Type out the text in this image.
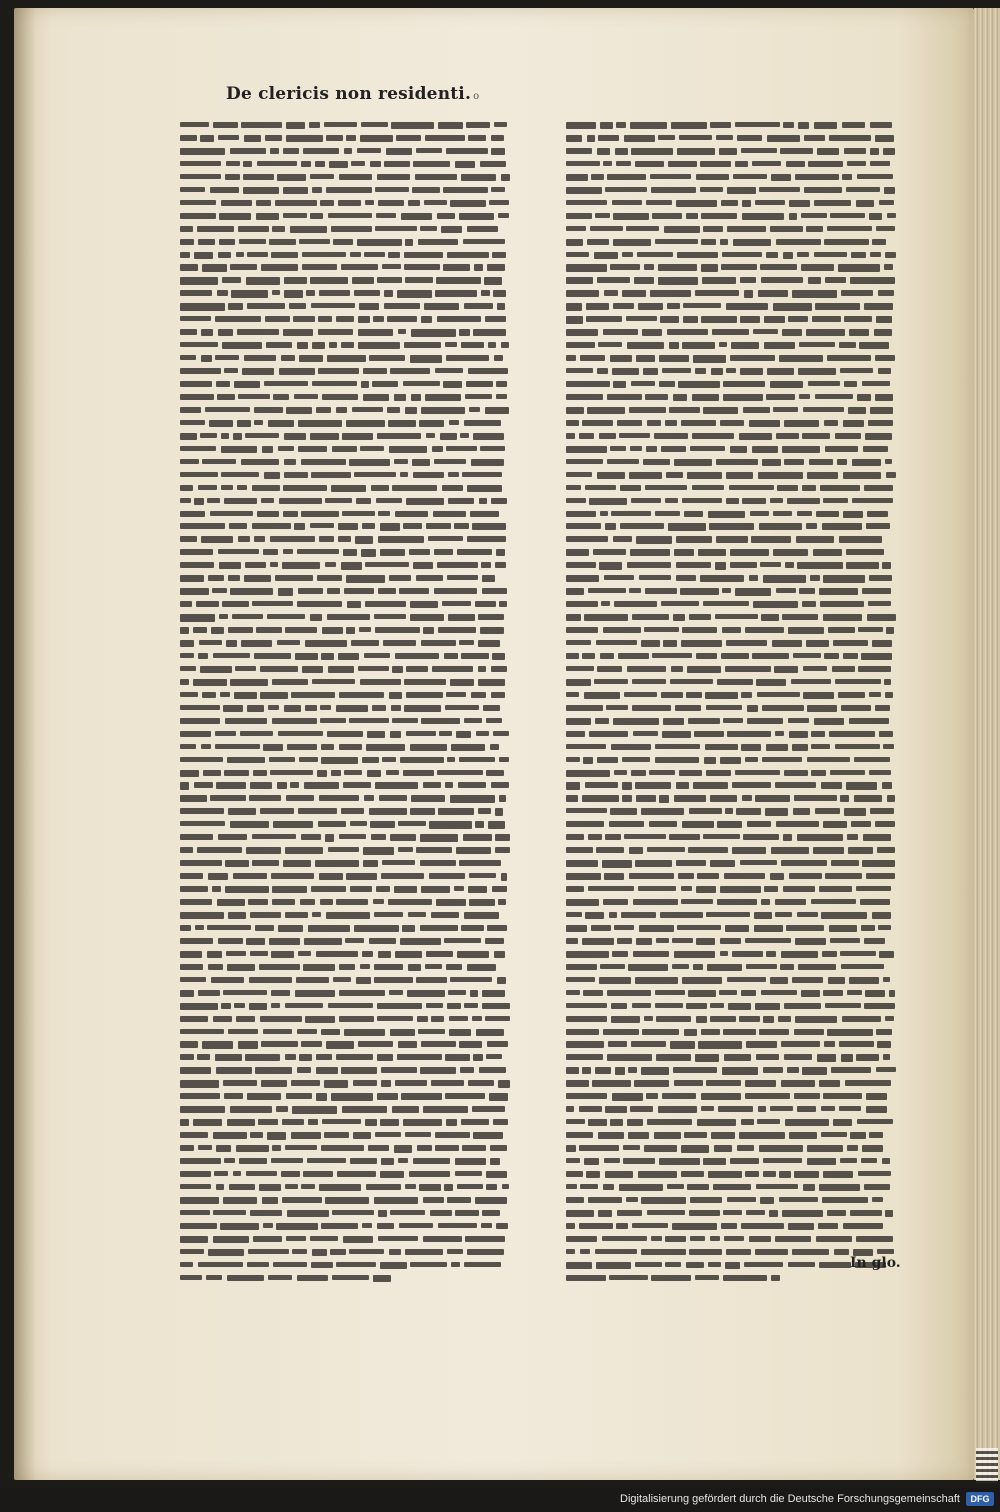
De clericis non residenti. o
In glo.
Digitalisierung gefördert durch die Deutsche Forschungsgemeinschaft	DFG
